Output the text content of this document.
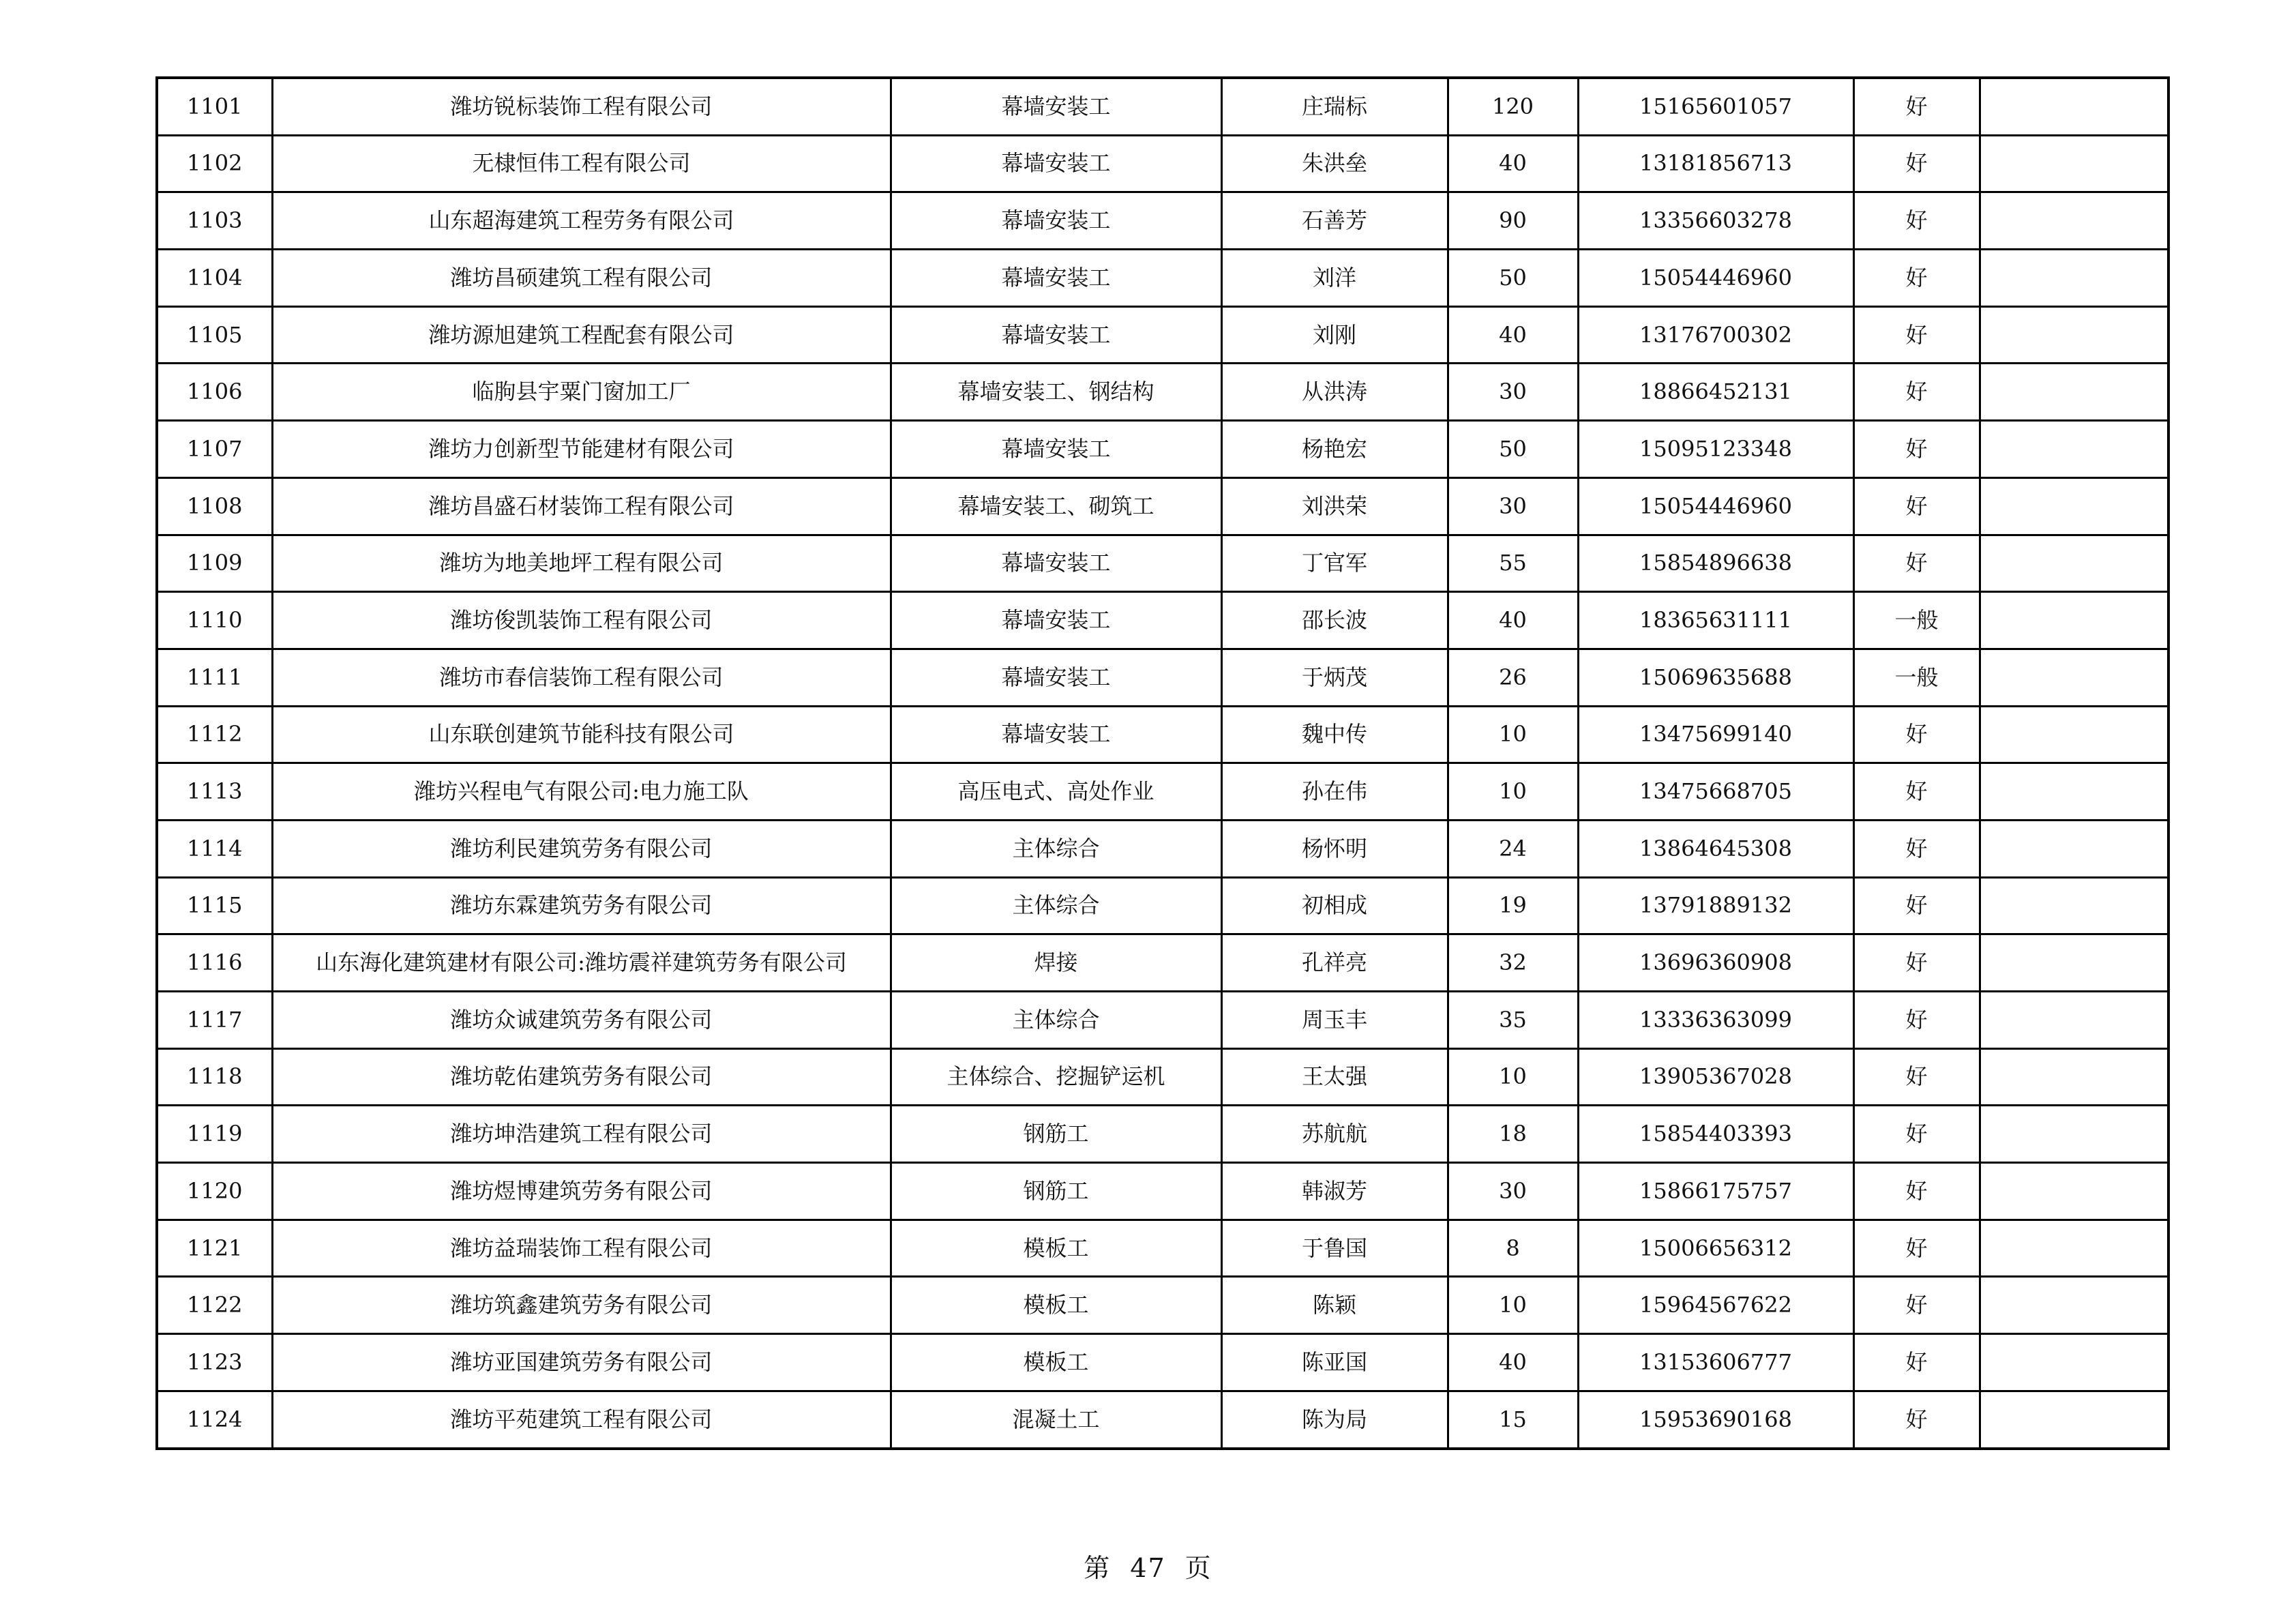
1101	潍坊锐标装饰工程有限公司	幕墙安装工	庄瑞标	120	15165601057	好	
1102	无棣恒伟工程有限公司	幕墙安装工	朱洪垒	40	13181856713	好	
1103	山东超海建筑工程劳务有限公司	幕墙安装工	石善芳	90	13356603278	好	
1104	潍坊昌硕建筑工程有限公司	幕墙安装工	刘洋	50	15054446960	好	
1105	潍坊源旭建筑工程配套有限公司	幕墙安装工	刘刚	40	13176700302	好	
1106	临朐县宇粟门窗加工厂	幕墙安装工、钢结构	从洪涛	30	18866452131	好	
1107	潍坊力创新型节能建材有限公司	幕墙安装工	杨艳宏	50	15095123348	好	
1108	潍坊昌盛石材装饰工程有限公司	幕墙安装工、砌筑工	刘洪荣	30	15054446960	好	
1109	潍坊为地美地坪工程有限公司	幕墙安装工	丁官军	55	15854896638	好	
1110	潍坊俊凯装饰工程有限公司	幕墙安装工	邵长波	40	18365631111	一般	
1111	潍坊市春信装饰工程有限公司	幕墙安装工	于炳茂	26	15069635688	一般	
1112	山东联创建筑节能科技有限公司	幕墙安装工	魏中传	10	13475699140	好	
1113	潍坊兴程电气有限公司:电力施工队	高压电式、高处作业	孙在伟	10	13475668705	好	
1114	潍坊利民建筑劳务有限公司	主体综合	杨怀明	24	13864645308	好	
1115	潍坊东霖建筑劳务有限公司	主体综合	初相成	19	13791889132	好	
1116	山东海化建筑建材有限公司:潍坊震祥建筑劳务有限公司	焊接	孔祥亮	32	13696360908	好	
1117	潍坊众诚建筑劳务有限公司	主体综合	周玉丰	35	13336363099	好	
1118	潍坊乾佑建筑劳务有限公司	主体综合、挖掘铲运机	王太强	10	13905367028	好	
1119	潍坊坤浩建筑工程有限公司	钢筋工	苏航航	18	15854403393	好	
1120	潍坊煜博建筑劳务有限公司	钢筋工	韩淑芳	30	15866175757	好	
1121	潍坊益瑞装饰工程有限公司	模板工	于鲁国	8	15006656312	好	
1122	潍坊筑鑫建筑劳务有限公司	模板工	陈颖	10	15964567622	好	
1123	潍坊亚国建筑劳务有限公司	模板工	陈亚国	40	13153606777	好	
1124	潍坊平苑建筑工程有限公司	混凝土工	陈为局	15	15953690168	好	
第 47 页
